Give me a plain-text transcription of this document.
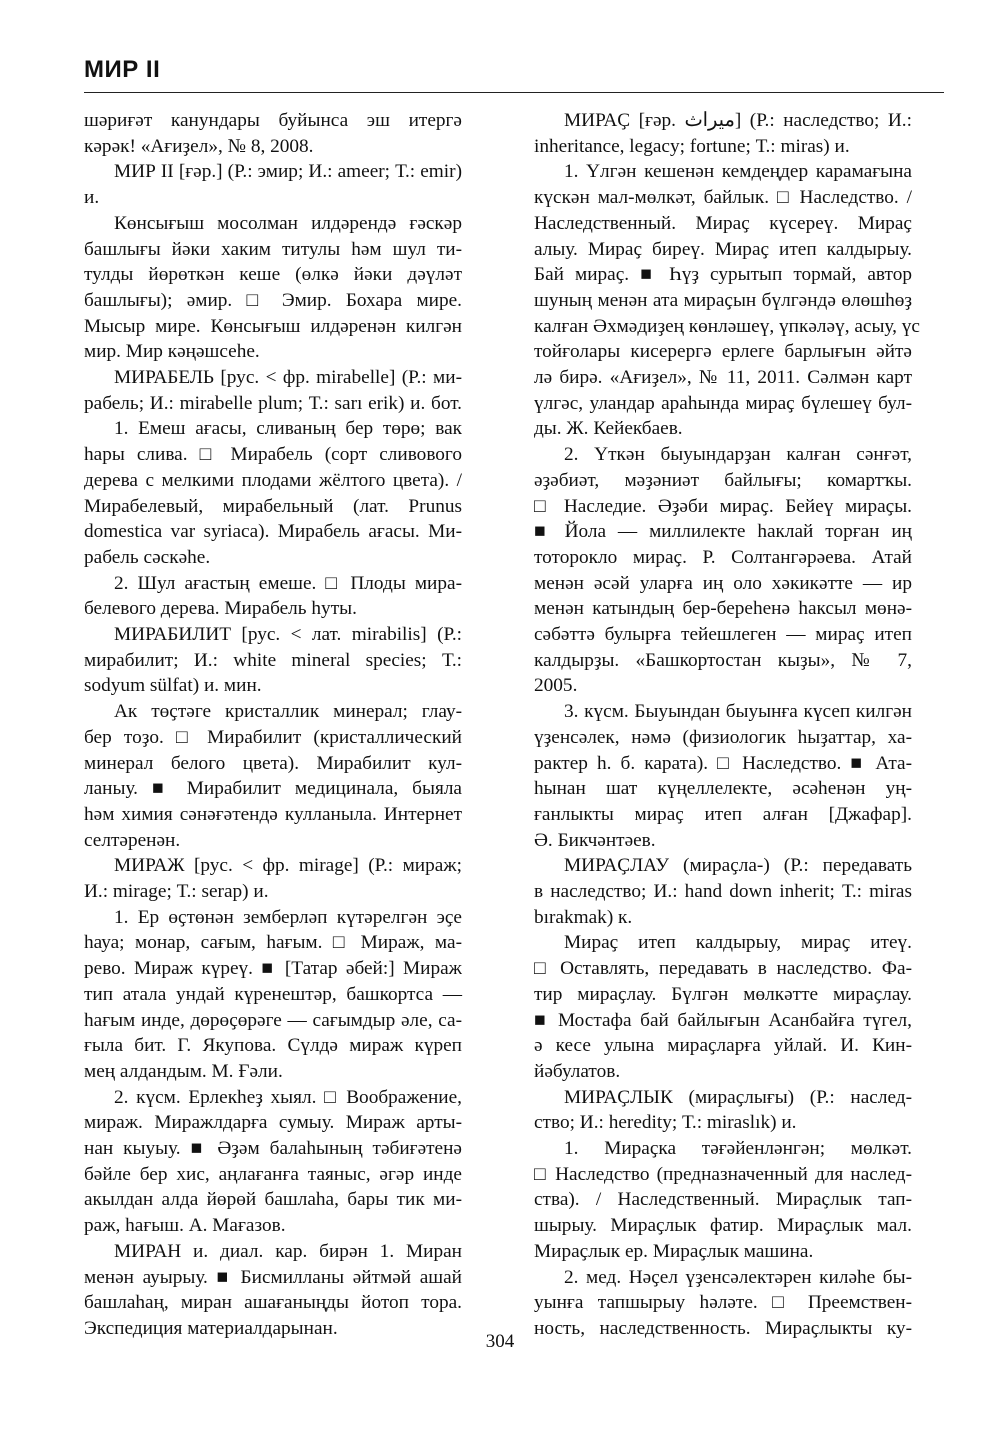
МИР II
шәриғәт канундары буйынса эш итергә
кәрәк! «Ағиҙел», № 8, 2008.
МИР II [ғәр.] (Р.: эмир; И.: ameer; Т.: emir)
и.
Көнсығыш мосолман илдәрендә ғәскәр
башлығы йәки хаким титулы һәм шул ти-
тулды йөрөткән кеше (өлкә йәки дәүләт
башлығы); әмир. □ Эмир. Бохара мире.
Мысыр мире. Көнсығыш илдәренән килгән
мир. Мир кәңәшсеһе.
МИРАБЕЛЬ [рус. < фр. mirabelle] (Р.: ми-
рабель; И.: mirabelle plum; Т.: sarı erik) и. бот.
1. Емеш ағасы, сливаның бер төрө; вак
һары слива. □ Мирабель (сорт сливового
дерева с мелкими плодами жёлтого цвета). /
Мирабелевый, мирабельный (лат. Prunus
domestica var syriaca). Мирабель ағасы. Ми-
рабель сәскәһе.
2. Шул ағастың емеше. □ Плоды мира-
белевого дерева. Мирабель һуты.
МИРАБИЛИТ [рус. < лат. mirabilis] (Р.:
мирабилит; И.: white mineral species; Т.:
sodyum sülfat) и. мин.
Ак төҫтәге кристаллик минерал; глау-
бер тоҙо. □ Мирабилит (кристаллический
минерал белого цвета). Мирабилит кул-
ланыу. ■ Мирабилит медицинала, быяла
һәм химия сәнәғәтендә кулланыла. Интернет
селтәренән.
МИРАЖ [рус. < фр. mirage] (Р.: мираж;
И.: mirage; Т.: serap) и.
1. Ер өҫтөнән земберләп күтәрелгән эҫе
һауа; монар, сағым, һағым. □ Мираж, ма-
рево. Мираж күреү. ■ [Татар әбей:] Мираж
тип атала ундай күренештәр, башкортса —
һағым инде, дөрөҫөрәге — сағымдыр әле, са-
ғыла бит. Г. Якупова. Сүлдә мираж күреп
мең алдандым. М. Ғәли.
2. күсм. Ерлекһеҙ хыял. □ Воображение,
мираж. Миражлдарға сумыу. Мираж арты-
нан кыуыу. ■ Әҙәм балаһының тәбиғәтенә
бәйле бер хис, аңлағанға таяныс, әгәр инде
акылдан алда йөрөй башлаһа, бары тик ми-
раж, һағыш. А. Мағазов.
МИРАН и. диал. кар. бирән 1. Миран
менән ауырыу. ■ Бисмилланы әйтмәй ашай
башлаһаң, миран ашағаныңды йотоп тора.
Экспедиция материалдарынан.
МИРАҪ [ғәр. ميراث] (Р.: наследство; И.:
inheritance, legacy; fortune; Т.: miras) и.
1. Үлгән кешенән кемдеңдер карамағына
күскән мал-мөлкәт, байлык. □ Наследство. /
Наследственный. Мираҫ күсереү. Мираҫ
алыу. Мираҫ биреү. Мираҫ итеп калдырыу.
Бай мираҫ. ■ Һүҙ сурытып тормай, автор
шуның менән ата мираҫын бүлгәндә өлөшһөҙ
калған Әхмәдиҙең көнләшеү, үпкәләү, асыу, үс
тойғолары кисерергә ерлеге барлығын әйтә
лә бирә. «Ағиҙел», № 11, 2011. Сәлмән карт
үлгәс, уландар араһында мираҫ бүлешеү бул-
ды. Ж. Кейекбаев.
2. Үткән быуындарҙан калған сәнғәт,
әҙәбиәт, мәҙәниәт байлығы; комартҡы.
□ Наследие. Әҙәби мираҫ. Бейеү мираҫы.
■ Йола — миллилекте һаклай торған иң
тоторокло мираҫ. Р. Солтангәрәева. Атай
менән әсәй уларға иң оло хәкикәтте — ир
менән катындың бер-береһенә һаксыл мөнә-
сәбәттә булырға тейешлеген — мираҫ итеп
калдырҙы. «Башкортостан кыҙы», № 7,
2005.
3. күсм. Быуындан быуынға күсеп килгән
үҙенсәлек, нәмә (физиологик һыҙаттар, ха-
рактер һ. б. карата). □ Наследство. ■ Ата-
һынан шат күңеллелекте, әсәһенән уң-
ғанлыкты мираҫ итеп алған [Джафар].
Ә. Бикчәнтәев.
МИРАҪЛАУ (мираҫла-) (Р.: передавать
в наследство; И.: hand down inherit; Т.: miras
bırakmak) к.
Мираҫ итеп калдырыу, мираҫ итеү.
□ Оставлять, передавать в наследство. Фа-
тир мираҫлау. Бүлгән мөлкәтте мираҫлау.
■ Мостафа бай байлығын Асанбайға түгел,
ә кесе улына мираҫларға уйлай. И. Кин-
йәбулатов.
МИРАҪЛЫК (мираҫлығы) (Р.: наслед-
ство; И.: heredity; Т.: miraslık) и.
1. Мираҫка тәғәйенләнгән; мөлкәт.
□ Наследство (предназначенный для наслед-
ства). / Наследственный. Мираҫлык тап-
шырыу. Мираҫлык фатир. Мираҫлык мал.
Мираҫлык ер. Мираҫлык машина.
2. мед. Нәҫел үҙенсәлектәрен киләһе бы-
уынға тапшырыу һәләте. □ Преемствен-
ность, наследственность. Мираҫлыкты ку-
304
